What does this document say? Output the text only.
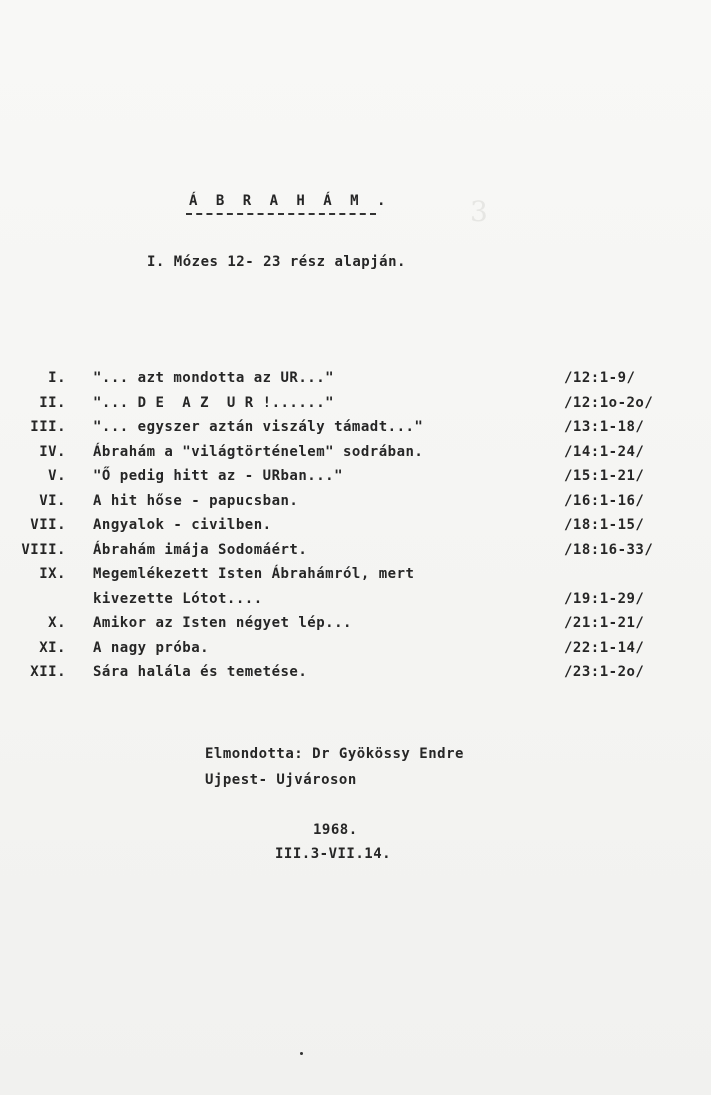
3
Á B R A H Á M .
I. Mózes 12- 23 rész alapján.
I. "... azt mondotta az UR..."	/12:1-9/
II. "... D E  A Z  U R !......"	/12:1o-2o/
III. "... egyszer aztán viszály támadt..."	/13:1-18/
IV. Ábrahám a "világtörténelem" sodrában.	/14:1-24/
V. "Ő pedig hitt az - URban..."	/15:1-21/
VI. A hit hőse - papucsban.	/16:1-16/
VII. Angyalok - civilben.	/18:1-15/
VIII. Ábrahám imája Sodomáért.	/18:16-33/
IX. Megemlékezett Isten Ábrahámról, mert
kivezette Lótot....	/19:1-29/
X. Amikor az Isten négyet lép...	/21:1-21/
XI. A nagy próba.	/22:1-14/
XII. Sára halála és temetése.	/23:1-2o/
Elmondotta: Dr Gyökössy Endre
Ujpest- Ujvároson
1968.
III.3-VII.14.
